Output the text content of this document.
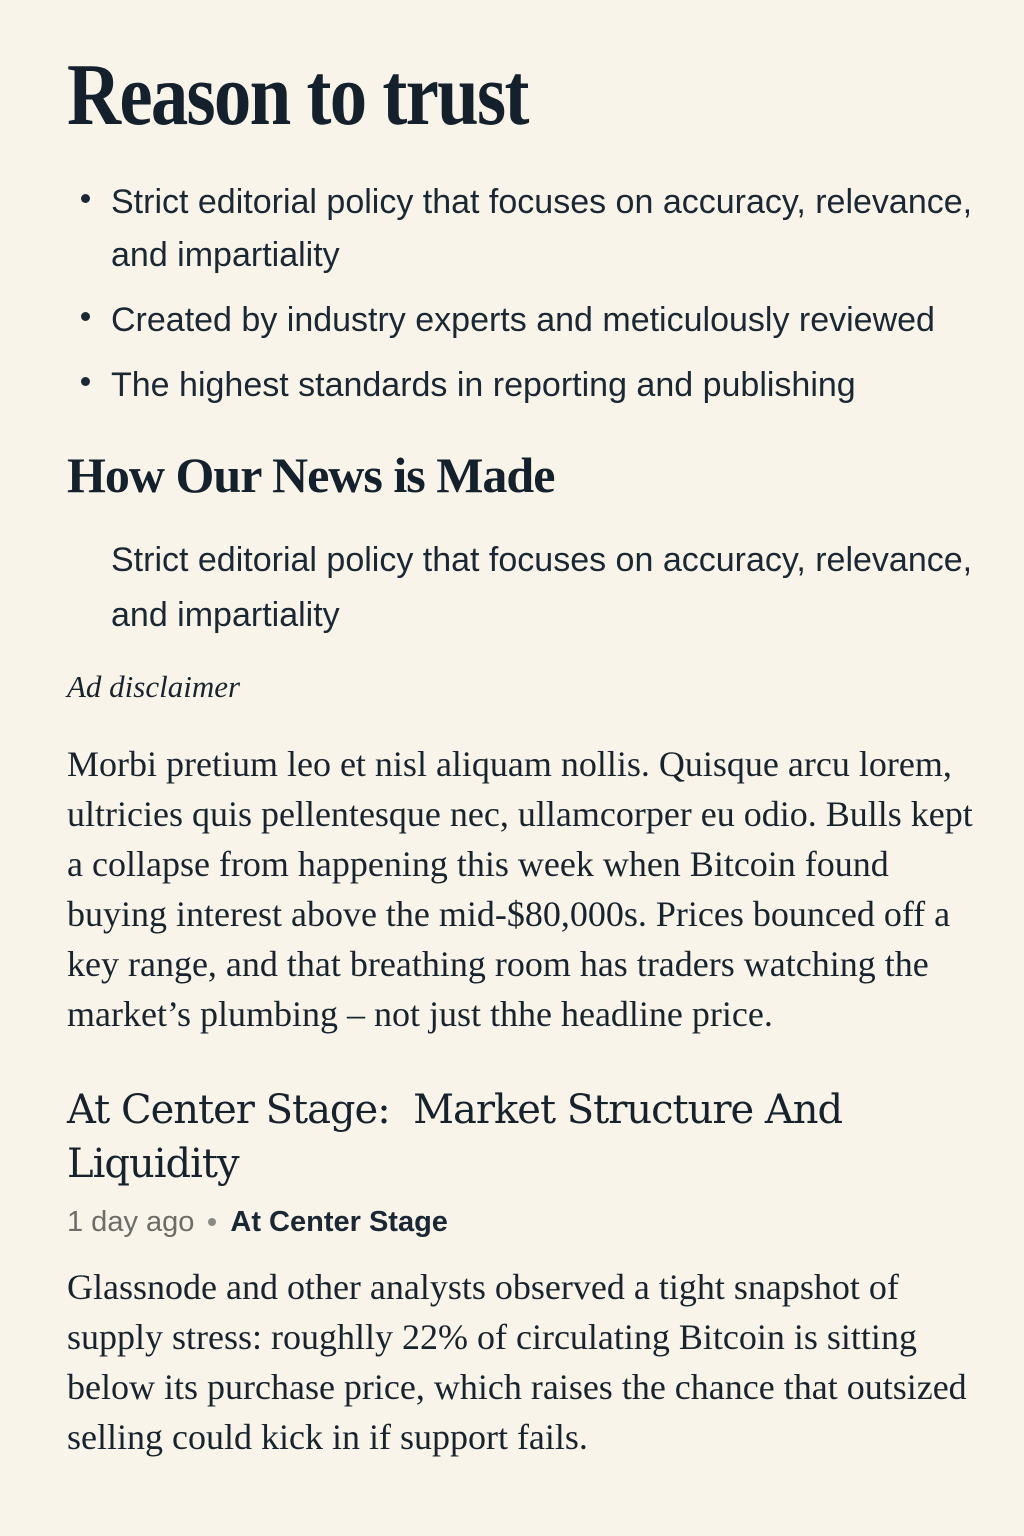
Reason to trust
Strict editorial policy that focuses on accuracy, relevance, and impartiality
Created by industry experts and meticulously reviewed
The highest standards in reporting and publishing
How Our News is Made

Strict editorial policy that focuses on accuracy, relevance, and impartiality

Ad disclaimer

Morbi pretium leo et nisl aliquam nollis. Quisque arcu lorem, ultricies quis pellentesque nec, ullamcorper eu odio. Bulls kept a collapse from happening this week when Bitcoin found buying interest above the mid-$80,000s. Prices bounced off a key range, and that breathing room has traders watching the market’s plumbing – not just thhe headline price.

At Center Stage:  Market Structure And
Liquidity
1 day ago At Center Stage

Glassnode and other analysts observed a tight snapshot of supply stress: roughlly 22% of circulating Bitcoin is sitting below its purchase price, which raises the chance that outsized selling could kick in if support fails.
